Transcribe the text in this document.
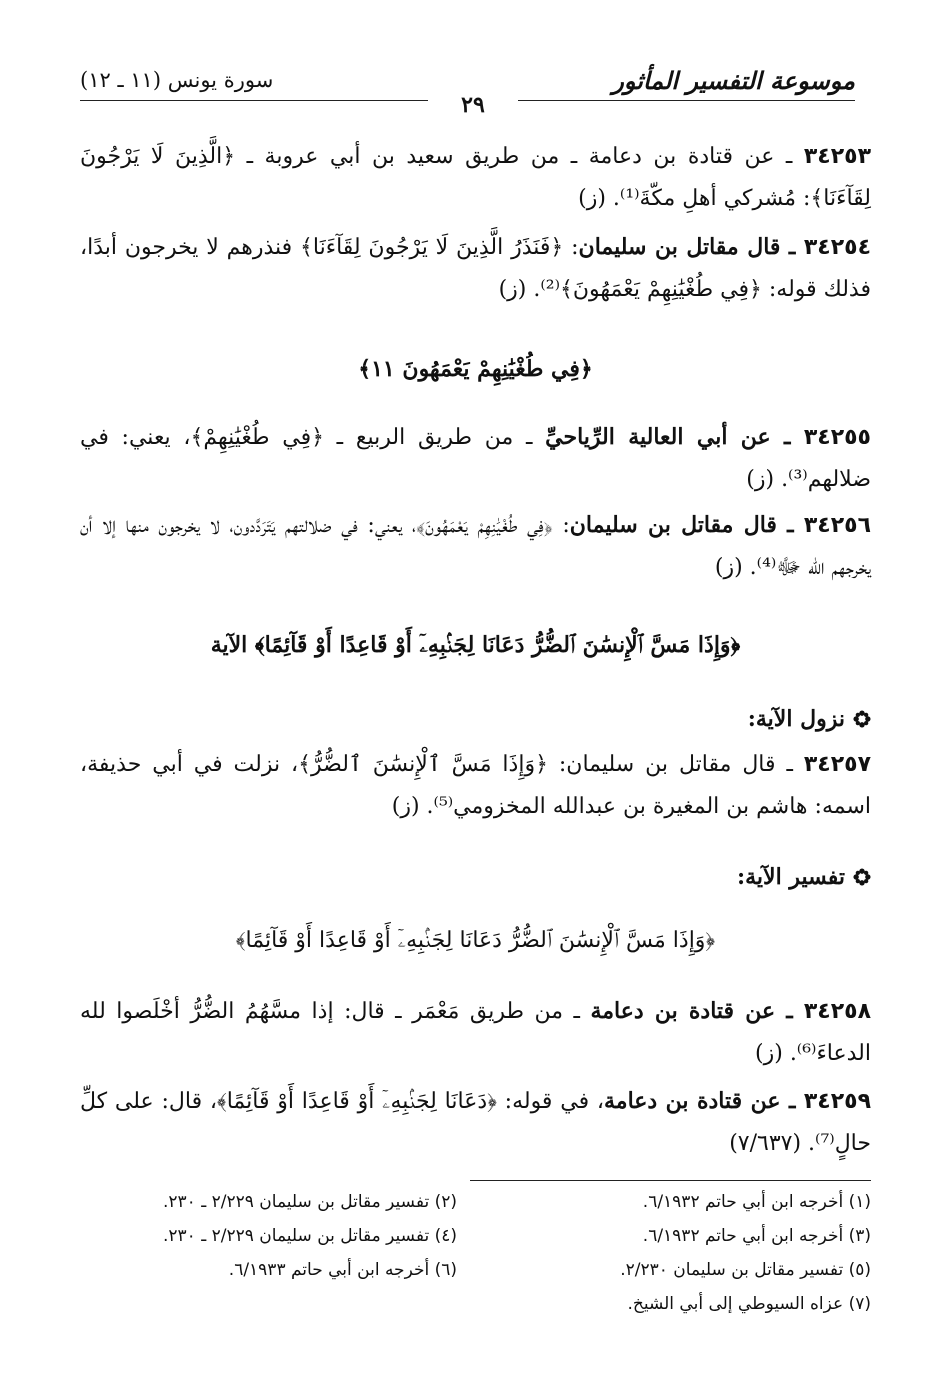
موسوعة التفسير المأثور
سورة يونس (١١ ـ ١٢)
٢٩
٣٤٢٥٣ ـ عن قتادة بن دعامة ـ من طريق سعيد بن أبي عروبة ـ ﴿الَّذِينَ لَا يَرْجُونَ لِقَآءَنَا﴾: مُشركي أهلِ مكّةَ⁽¹⁾. (ز)
٣٤٢٥٤ ـ قال مقاتل بن سليمان: ﴿فَنَذَرُ الَّذِينَ لَا يَرْجُونَ لِقَآءَنَا﴾ فنذرهم لا يخرجون أبدًا، فذلك قوله: ﴿فِي طُغْيَٰنِهِمْ يَعْمَهُونَ﴾⁽²⁾. (ز)
﴿فِي طُغْيَٰنِهِمْ يَعْمَهُونَ ١١﴾
٣٤٢٥٥ ـ عن أبي العالية الرِّياحيِّ ـ من طريق الربيع ـ ﴿فِي طُغْيَٰنِهِمْ﴾، يعني: في ضلالهم⁽³⁾. (ز)
٣٤٢٥٦ ـ قال مقاتل بن سليمان: ﴿فِي طُغْيَٰنِهِمْ يَعْمَهُونَ﴾، يعني: في ضلالتهم يَتَرَدَّدون، لا يخرجون منها إلا أن يخرجهم الله ﷻ⁽⁴⁾. (ز)
﴿وَإِذَا مَسَّ ٱلْإِنسَٰنَ ٱلضُّرُّ دَعَانَا لِجَنۢبِهِۦٓ أَوْ قَاعِدًا أَوْ قَآئِمًا﴾ الآية
نزول الآية:
٣٤٢٥٧ ـ قال مقاتل بن سليمان: ﴿وَإِذَا مَسَّ ٱلْإِنسَٰنَ ٱلضُّرُّ﴾، نزلت في أبي حذيفة، اسمه: هاشم بن المغيرة بن عبدالله المخزومي⁽⁵⁾. (ز)
تفسير الآية:
﴿وَإِذَا مَسَّ ٱلْإِنسَٰنَ ٱلضُّرُّ دَعَانَا لِجَنۢبِهِۦٓ أَوْ قَاعِدًا أَوْ قَآئِمًا﴾
٣٤٢٥٨ ـ عن قتادة بن دعامة ـ من طريق مَعْمَر ـ قال: إذا مسَّهُمُ الضُّرُّ أخْلَصوا لله الدعاءَ⁽⁶⁾. (ز)
٣٤٢٥٩ ـ عن قتادة بن دعامة، في قوله: ﴿دَعَانَا لِجَنۢبِهِۦٓ أَوْ قَاعِدًا أَوْ قَآئِمًا﴾، قال: على كلِّ حالٍ⁽⁷⁾. (٧/٦٣٧)
(١) أخرجه ابن أبي حاتم ٦/١٩٣٢.
(٢) تفسير مقاتل بن سليمان ٢/٢٢٩ ـ ٢٣٠.
(٣) أخرجه ابن أبي حاتم ٦/١٩٣٢.
(٤) تفسير مقاتل بن سليمان ٢/٢٢٩ ـ ٢٣٠.
(٥) تفسير مقاتل بن سليمان ٢/٢٣٠.
(٦) أخرجه ابن أبي حاتم ٦/١٩٣٣.
(٧) عزاه السيوطي إلى أبي الشيخ.
